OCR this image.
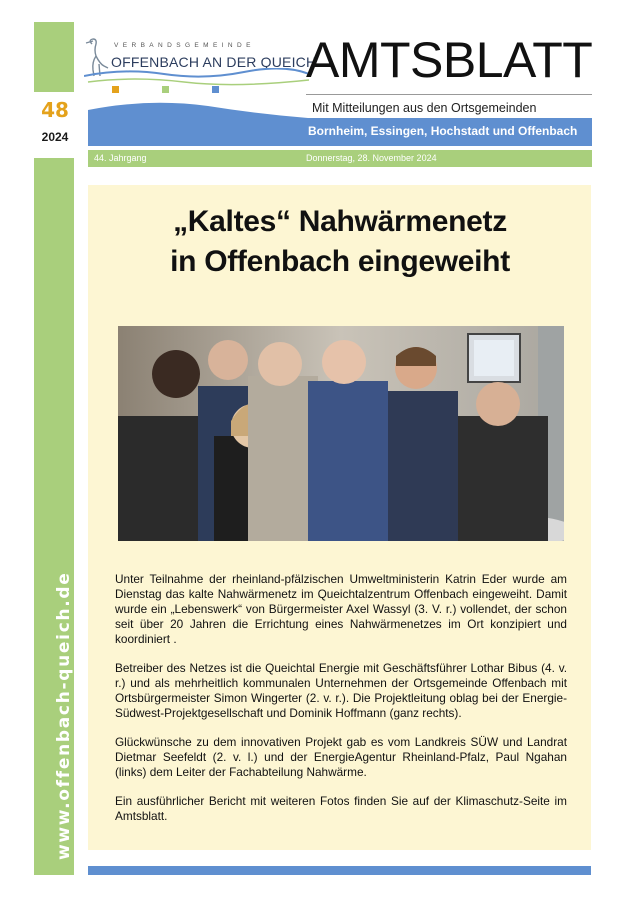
48
2024
www.offenbach-queich.de
VERBANDSGEMEINDE
OFFENBACH AN DER QUEICH
AMTSBLATT
Mit Mitteilungen aus den Ortsgemeinden
Bornheim, Essingen, Hochstadt und Offenbach
44. Jahrgang	Donnerstag, 28. November 2024
„Kaltes“ Nahwärmenetz
in Offenbach eingeweiht

Unter Teilnahme der rheinland-pfälzischen Umweltministerin Katrin Eder wurde am Dienstag das kalte Nahwärmenetz im Queichtalzentrum Offenbach eingeweiht. Damit wurde ein „Lebenswerk“ von Bürgermeister Axel Wassyl (3. V. r.) vollendet, der schon seit über 20 Jahren die Errichtung eines Nahwärmenetzes im Ort konzipiert und koordiniert .

Betreiber des Netzes ist die Queichtal Energie mit Geschäftsführer Lothar Bibus (4. v. r.) und als mehrheitlich kommunalen Unternehmen der Ortsgemeinde Offenbach mit Ortsbürgermeister Simon Wingerter (2. v. r.). Die Projektleitung oblag bei der Energie-Südwest-Projektgesellschaft und Dominik Hoffmann (ganz rechts).

Glückwünsche zu dem innovativen Projekt gab es vom Landkreis SÜW und Landrat Dietmar Seefeldt (2. v. l.) und der EnergieAgentur Rheinland-Pfalz, Paul Ngahan (links) dem Leiter der Fachabteilung Nahwärme.

Ein ausführlicher Bericht mit weiteren Fotos finden Sie auf der Klimaschutz-Seite im Amtsblatt.
